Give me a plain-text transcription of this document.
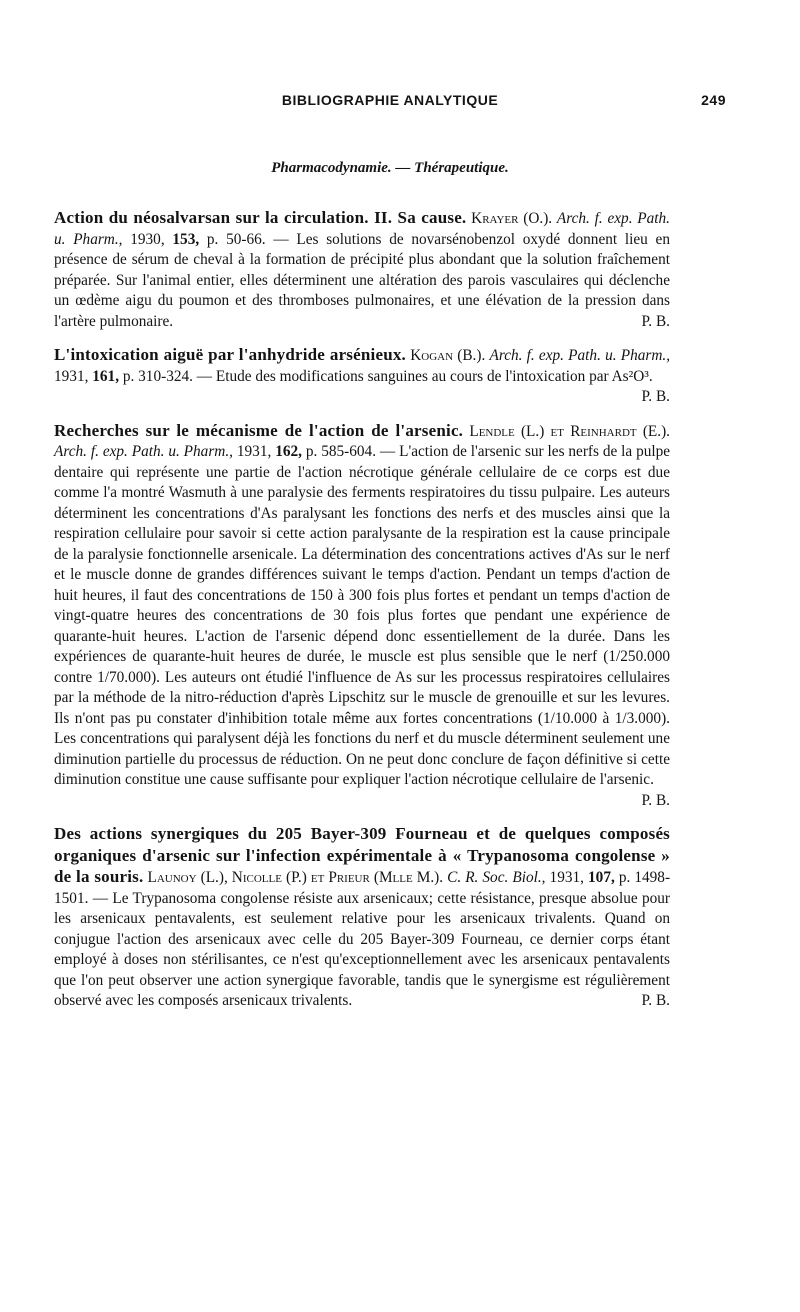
BIBLIOGRAPHIE ANALYTIQUE	249
Pharmacodynamie. — Thérapeutique.
Action du néosalvarsan sur la circulation. II. Sa cause. Krayer (O.). Arch. f. exp. Path. u. Pharm., 1930, 153, p. 50-66. — Les solutions de novarsénobenzol oxydé donnent lieu en présence de sérum de cheval à la formation de précipité plus abondant que la solution fraîchement préparée. Sur l'animal entier, elles déterminent une altération des parois vasculaires qui déclenche un œdème aigu du poumon et des thromboses pulmonaires, et une élévation de la pression dans l'artère pulmonaire.	P. B.
L'intoxication aiguë par l'anhydride arsénieux. Kogan (B.). Arch. f. exp. Path. u. Pharm., 1931, 161, p. 310-324. — Etude des modifications sanguines au cours de l'intoxication par As²O³.
P. B.
Recherches sur le mécanisme de l'action de l'arsenic. Lendle (L.) et Reinhardt (E.). Arch. f. exp. Path. u. Pharm., 1931, 162, p. 585-604. — L'action de l'arsenic sur les nerfs de la pulpe dentaire qui représente une partie de l'action nécrotique générale cellulaire de ce corps est due comme l'a montré Wasmuth à une paralysie des ferments respiratoires du tissu pulpaire. Les auteurs déterminent les concentrations d'As paralysant les fonctions des nerfs et des muscles ainsi que la respiration cellulaire pour savoir si cette action paralysante de la respiration est la cause principale de la paralysie fonctionnelle arsenicale. La détermination des concentrations actives d'As sur le nerf et le muscle donne de grandes différences suivant le temps d'action. Pendant un temps d'action de huit heures, il faut des concentrations de 150 à 300 fois plus fortes et pendant un temps d'action de vingt-quatre heures des concentrations de 30 fois plus fortes que pendant une expérience de quarante-huit heures. L'action de l'arsenic dépend donc essentiellement de la durée. Dans les expériences de quarante-huit heures de durée, le muscle est plus sensible que le nerf (1/250.000 contre 1/70.000). Les auteurs ont étudié l'influence de As sur les processus respiratoires cellulaires par la méthode de la nitro-réduction d'après Lipschitz sur le muscle de grenouille et sur les levures. Ils n'ont pas pu constater d'inhibition totale même aux fortes concentrations (1/10.000 à 1/3.000). Les concentrations qui paralysent déjà les fonctions du nerf et du muscle déterminent seulement une diminution partielle du processus de réduction. On ne peut donc conclure de façon définitive si cette diminution constitue une cause suffisante pour expliquer l'action nécrotique cellulaire de l'arsenic.
P. B.
Des actions synergiques du 205 Bayer-309 Fourneau et de quelques composés organiques d'arsenic sur l'infection expérimentale à « Trypanosoma congolense » de la souris. Launoy (L.), Nicolle (P.) et Prieur (Mlle M.). C. R. Soc. Biol., 1931, 107, p. 1498-1501. — Le Trypanosoma congolense résiste aux arsenicaux; cette résistance, presque absolue pour les arsenicaux pentavalents, est seulement relative pour les arsenicaux trivalents. Quand on conjugue l'action des arsenicaux avec celle du 205 Bayer-309 Fourneau, ce dernier corps étant employé à doses non stérilisantes, ce n'est qu'exceptionnellement avec les arsenicaux pentavalents que l'on peut observer une action synergique favorable, tandis que le synergisme est régulièrement observé avec les composés arsenicaux trivalents.	P. B.
